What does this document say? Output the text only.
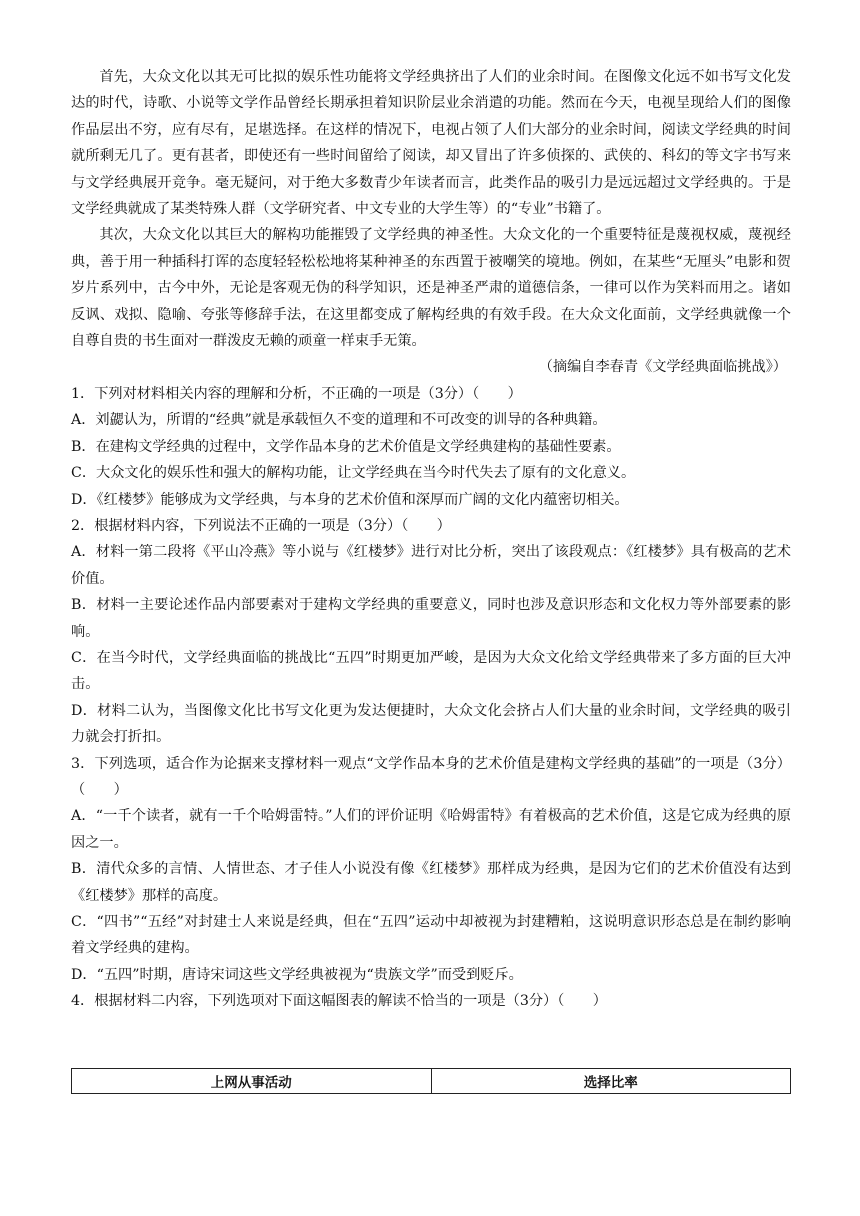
首先，大众文化以其无可比拟的娱乐性功能将文学经典挤出了人们的业余时间。在图像文化远不如书写文化发达的时代，诗歌、小说等文学作品曾经长期承担着知识阶层业余消遣的功能。然而在今天，电视呈现给人们的图像作品层出不穷，应有尽有，足堪选择。在这样的情况下，电视占领了人们大部分的业余时间，阅读文学经典的时间就所剩无几了。更有甚者，即使还有一些时间留给了阅读，却又冒出了许多侦探的、武侠的、科幻的等文字书写来与文学经典展开竞争。毫无疑问，对于绝大多数青少年读者而言，此类作品的吸引力是远远超过文学经典的。于是文学经典就成了某类特殊人群（文学研究者、中文专业的大学生等）的“专业”书籍了。

其次，大众文化以其巨大的解构功能摧毁了文学经典的神圣性。大众文化的一个重要特征是蔑视权威，蔑视经典，善于用一种插科打诨的态度轻轻松松地将某种神圣的东西置于被嘲笑的境地。例如，在某些“无厘头”电影和贺岁片系列中，古今中外，无论是客观无伪的科学知识，还是神圣严肃的道德信条，一律可以作为笑料而用之。诸如反讽、戏拟、隐喻、夸张等修辞手法，在这里都变成了解构经典的有效手段。在大众文化面前，文学经典就像一个自尊自贵的书生面对一群泼皮无赖的顽童一样束手无策。

（摘编自李春青《文学经典面临挑战》）

1．下列对材料相关内容的理解和分析，不正确的一项是（3分）（　　）

A．刘勰认为，所谓的“经典”就是承载恒久不变的道理和不可改变的训导的各种典籍。

B．在建构文学经典的过程中，文学作品本身的艺术价值是文学经典建构的基础性要素。

C．大众文化的娱乐性和强大的解构功能，让文学经典在当今时代失去了原有的文化意义。

D．《红楼梦》能够成为文学经典，与本身的艺术价值和深厚而广阔的文化内蕴密切相关。

2．根据材料内容，下列说法不正确的一项是（3分）（　　）

A．材料一第二段将《平山冷燕》等小说与《红楼梦》进行对比分析，突出了该段观点：《红楼梦》具有极高的艺术价值。

B．材料一主要论述作品内部要素对于建构文学经典的重要意义，同时也涉及意识形态和文化权力等外部要素的影响。

C．在当今时代，文学经典面临的挑战比“五四”时期更加严峻，是因为大众文化给文学经典带来了多方面的巨大冲击。

D．材料二认为，当图像文化比书写文化更为发达便捷时，大众文化会挤占人们大量的业余时间，文学经典的吸引力就会打折扣。

3．下列选项，适合作为论据来支撑材料一观点“文学作品本身的艺术价值是建构文学经典的基础”的一项是（3分）（　　）

A．“一千个读者，就有一千个哈姆雷特。”人们的评价证明《哈姆雷特》有着极高的艺术价值，这是它成为经典的原因之一。

B．清代众多的言情、人情世态、才子佳人小说没有像《红楼梦》那样成为经典，是因为它们的艺术价值没有达到《红楼梦》那样的高度。

C．“四书”“五经”对封建士人来说是经典，但在“五四”运动中却被视为封建糟粕，这说明意识形态总是在制约影响着文学经典的建构。

D．“五四”时期，唐诗宋词这些文学经典被视为“贵族文学”而受到贬斥。

4．根据材料二内容，下列选项对下面这幅图表的解读不恰当的一项是（3分）（　　）

上网从事活动	选择比率
